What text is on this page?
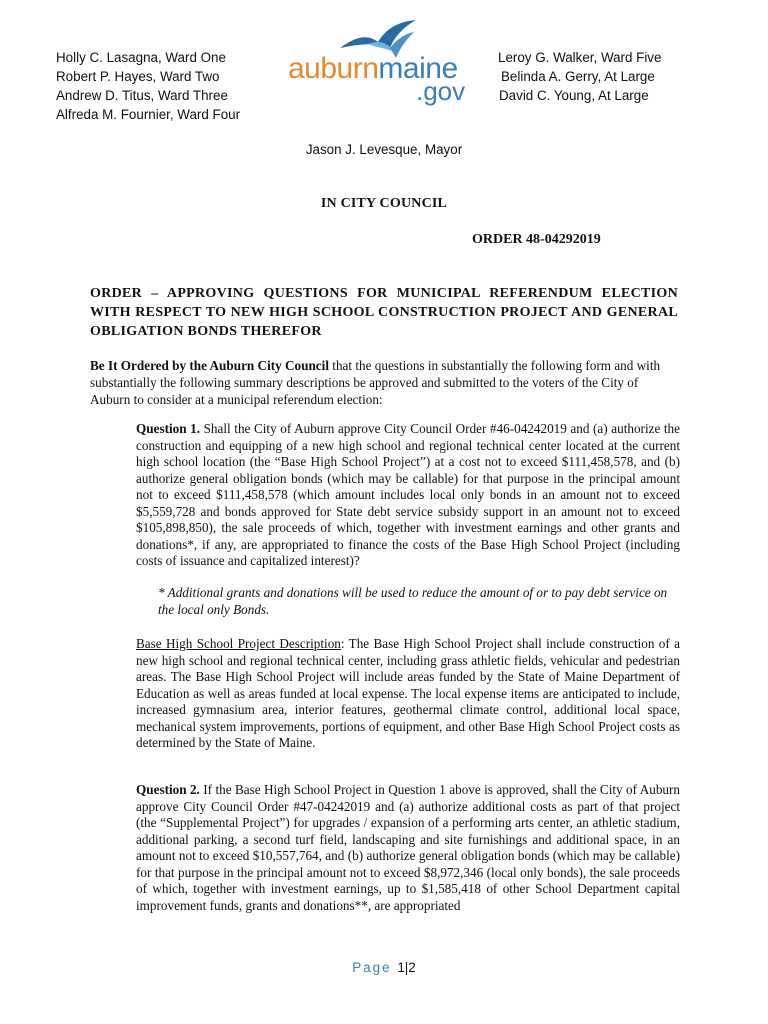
Holly C. Lasagna, Ward One
Robert P. Hayes, Ward Two
Andrew D. Titus, Ward Three
Alfreda M. Fournier, Ward Four
auburnmaine
.gov
Leroy G. Walker, Ward Five
Belinda A. Gerry, At Large
David C. Young, At Large
Jason J. Levesque, Mayor
IN CITY COUNCIL
ORDER 48-04292019
ORDER – APPROVING QUESTIONS FOR MUNICIPAL REFERENDUM ELECTION WITH RESPECT TO NEW HIGH SCHOOL CONSTRUCTION PROJECT AND GENERAL OBLIGATION BONDS THEREFOR
Be It Ordered by the Auburn City Council that the questions in substantially the following form and with substantially the following summary descriptions be approved and submitted to the voters of the City of Auburn to consider at a municipal referendum election:
Question 1. Shall the City of Auburn approve City Council Order #46-04242019 and (a) authorize the construction and equipping of a new high school and regional technical center located at the current high school location (the “Base High School Project”) at a cost not to exceed $111,458,578, and (b) authorize general obligation bonds (which may be callable) for that purpose in the principal amount not to exceed $111,458,578 (which amount includes local only bonds in an amount not to exceed $5,559,728 and bonds approved for State debt service subsidy support in an amount not to exceed $105,898,850), the sale proceeds of which, together with investment earnings and other grants and donations*, if any, are appropriated to finance the costs of the Base High School Project (including costs of issuance and capitalized interest)?
* Additional grants and donations will be used to reduce the amount of or to pay debt service on the local only Bonds.
Base High School Project Description: The Base High School Project shall include construction of a new high school and regional technical center, including grass athletic fields, vehicular and pedestrian areas. The Base High School Project will include areas funded by the State of Maine Department of Education as well as areas funded at local expense. The local expense items are anticipated to include, increased gymnasium area, interior features, geothermal climate control, additional local space, mechanical system improvements, portions of equipment, and other Base High School Project costs as determined by the State of Maine.
Question 2. If the Base High School Project in Question 1 above is approved, shall the City of Auburn approve City Council Order #47-04242019 and (a) authorize additional costs as part of that project (the “Supplemental Project”) for upgrades / expansion of a performing arts center, an athletic stadium, additional parking, a second turf field, landscaping and site furnishings and additional space, in an amount not to exceed $10,557,764, and (b) authorize general obligation bonds (which may be callable) for that purpose in the principal amount not to exceed $8,972,346 (local only bonds), the sale proceeds of which, together with investment earnings, up to $1,585,418 of other School Department capital improvement funds, grants and donations**, are appropriated
Page 1|2
